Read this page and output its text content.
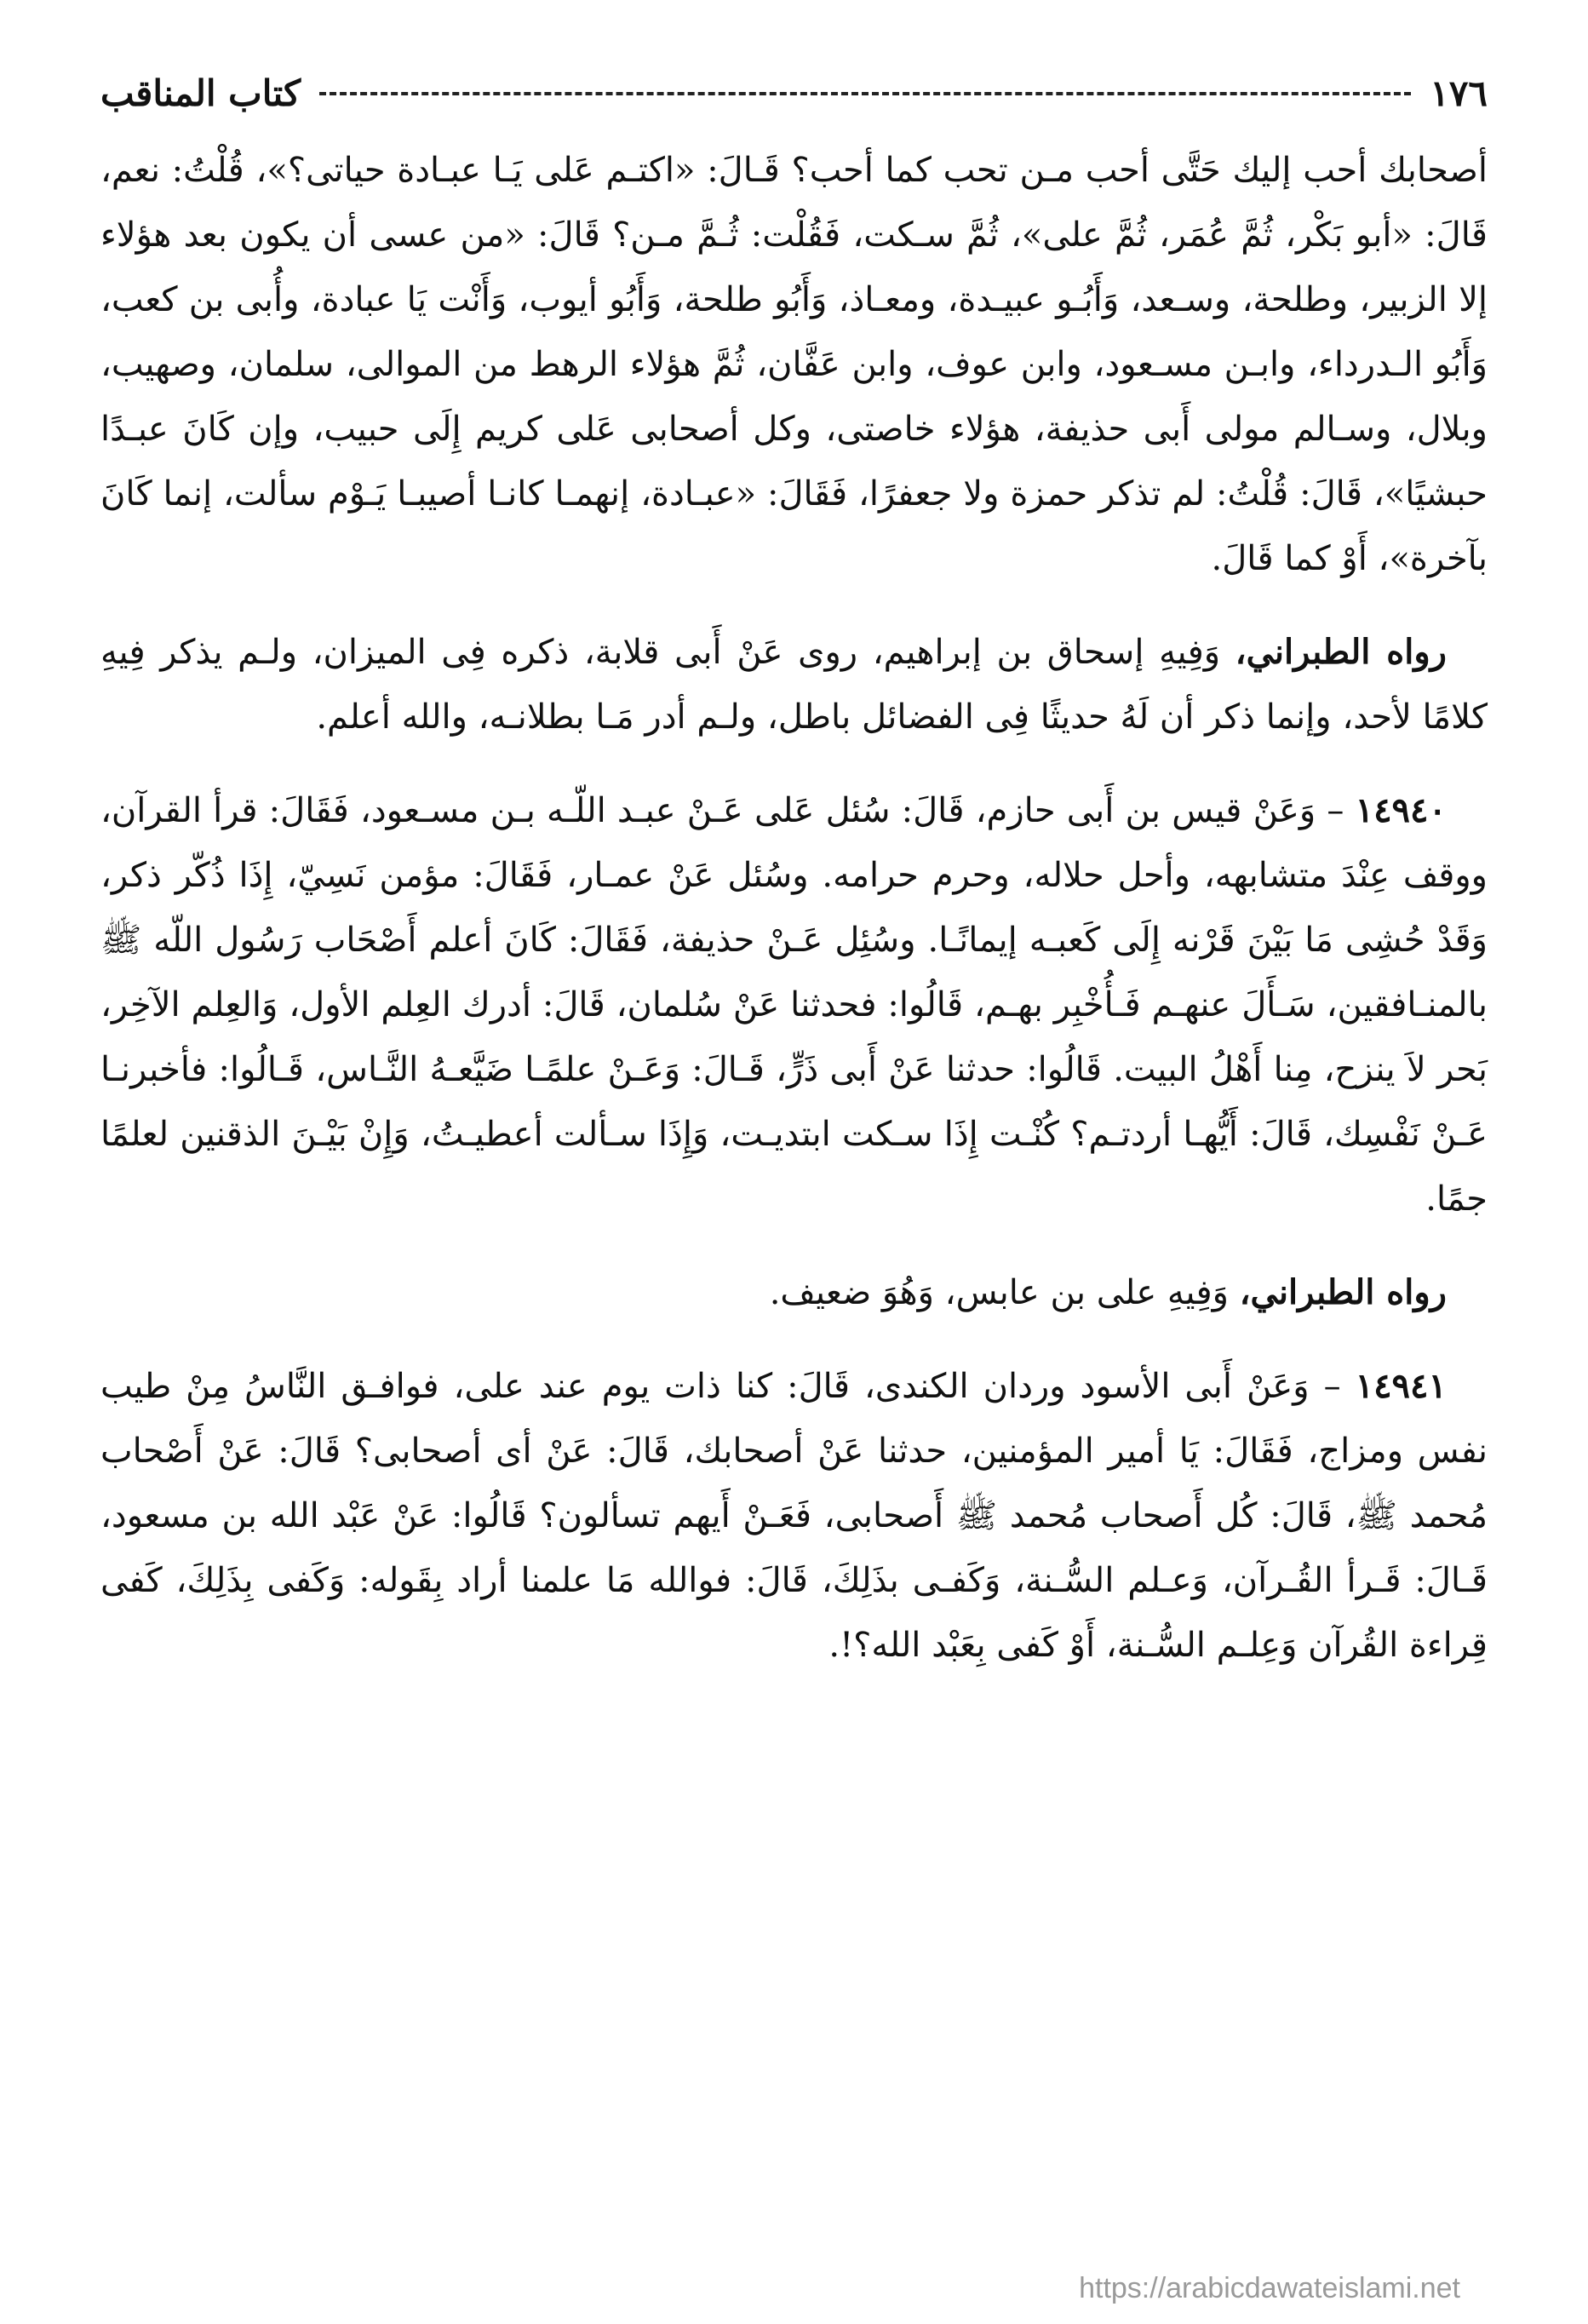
١٧٦
كتاب المناقب

أصحابك أحب إليك حَتَّى أحب مـن تحب كما أحب؟ قَـالَ: «اكتـم عَلى يَـا عبـادة حياتى؟»، قُلْتُ: نعم، قَالَ: «أبو بَكْر، ثُمَّ عُمَر، ثُمَّ على»، ثُمَّ سـكت، فَقُلْت: ثُـمَّ مـن؟ قَالَ: «من عسى أن يكون بعد هؤلاء إلا الزبير، وطلحة، وسـعد، وَأَبُـو عبيـدة، ومعـاذ، وَأَبُو طلحة، وَأَبُو أيوب، وَأَنْت يَا عبادة، وأُبى بن كعب، وَأَبُو الـدرداء، وابـن مسـعود، وابن عوف، وابن عَفَّان، ثُمَّ هؤلاء الرهط من الموالى، سلمان، وصهيب، وبلال، وسـالم مولى أَبى حذيفة، هؤلاء خاصتى، وكل أصحابى عَلى كريم إِلَى حبيب، وإن كَانَ عبـدًا حبشيًا»، قَالَ: قُلْتُ: لم تذكر حمزة ولا جعفرًا، فَقَالَ: «عبـادة، إنهمـا كانـا أصيبـا يَـوْم سألت، إنما كَانَ بآخرة»، أَوْ كما قَالَ.

رواه الطبراني، وَفِيهِ إسحاق بن إبراهيم، روى عَنْ أَبى قلابة، ذكره فِى الميزان، ولـم يذكر فِيهِ كلامًا لأحد، وإنما ذكر أن لَهُ حديثًا فِى الفضائل باطل، ولـم أدر مَـا بطلانـه، والله أعلم.

١٤٩٤٠ – وَعَنْ قيس بن أَبى حازم، قَالَ: سُئل عَلى عَـنْ عبـد اللّـه بـن مسـعود، فَقَالَ: قرأ القرآن، ووقف عِنْدَ متشابهه، وأحل حلاله، وحرم حرامه. وسُئل عَنْ عمـار، فَقَالَ: مؤمن نَسِيّ، إِذَا ذُكّر ذكر، وَقَدْ حُشِى مَا بَيْنَ قَرْنه إِلَى كَعبـه إيمانًـا. وسُئِل عَـنْ حذيفة، فَقَالَ: كَانَ أعلم أَصْحَاب رَسُول اللّه ﷺ بالمنـافقين، سَـأَلَ عنهـم فَـأُخْبِر بهـم، قَالُوا: فحدثنا عَنْ سُلمان، قَالَ: أدرك العِلم الأول، وَالعِلم الآخِر، بَحر لاَ ينزح، مِنا أَهْلُ البيت. قَالُوا: حدثنا عَنْ أَبى ذَرٍّ، قَـالَ: وَعَـنْ علمًـا ضَيَّعـهُ النَّـاس، قَـالُوا: فأخبرنـا عَـنْ نَفْسِك، قَالَ: أَيُّهـا أردتـم؟ كُنْـت إِذَا سـكت ابتديـت، وَإِذَا سـألت أعطيـتُ، وَإِنْ بَيْـنَ الذقنين لعلمًا جمًا.

رواه الطبراني، وَفِيهِ على بن عابس، وَهُوَ ضعيف.

١٤٩٤١ – وَعَنْ أَبى الأسود وردان الكندى، قَالَ: كنا ذات يوم عند على، فوافـق النَّاسُ مِنْ طيب نفس ومزاج، فَقَالَ: يَا أمير المؤمنين، حدثنا عَنْ أصحابك، قَالَ: عَنْ أى أصحابى؟ قَالَ: عَنْ أَصْحاب مُحمد ﷺ، قَالَ: كُل أَصحاب مُحمد ﷺ أَصحابى، فَعَـنْ أَيهم تسألون؟ قَالُوا: عَنْ عَبْد الله بن مسعود، قَـالَ: قَـرأ القُـرآن، وَعـلم السُّـنة، وَكَفـى بذَلِكَ، قَالَ: فوالله مَا علمنا أراد بِقَوله: وَكَفى بِذَلِكَ، كَفى قِراءة القُرآن وَعِلـم السُّـنة، أَوْ كَفى بِعَبْد الله؟!.

https://arabicdawateislami.net
